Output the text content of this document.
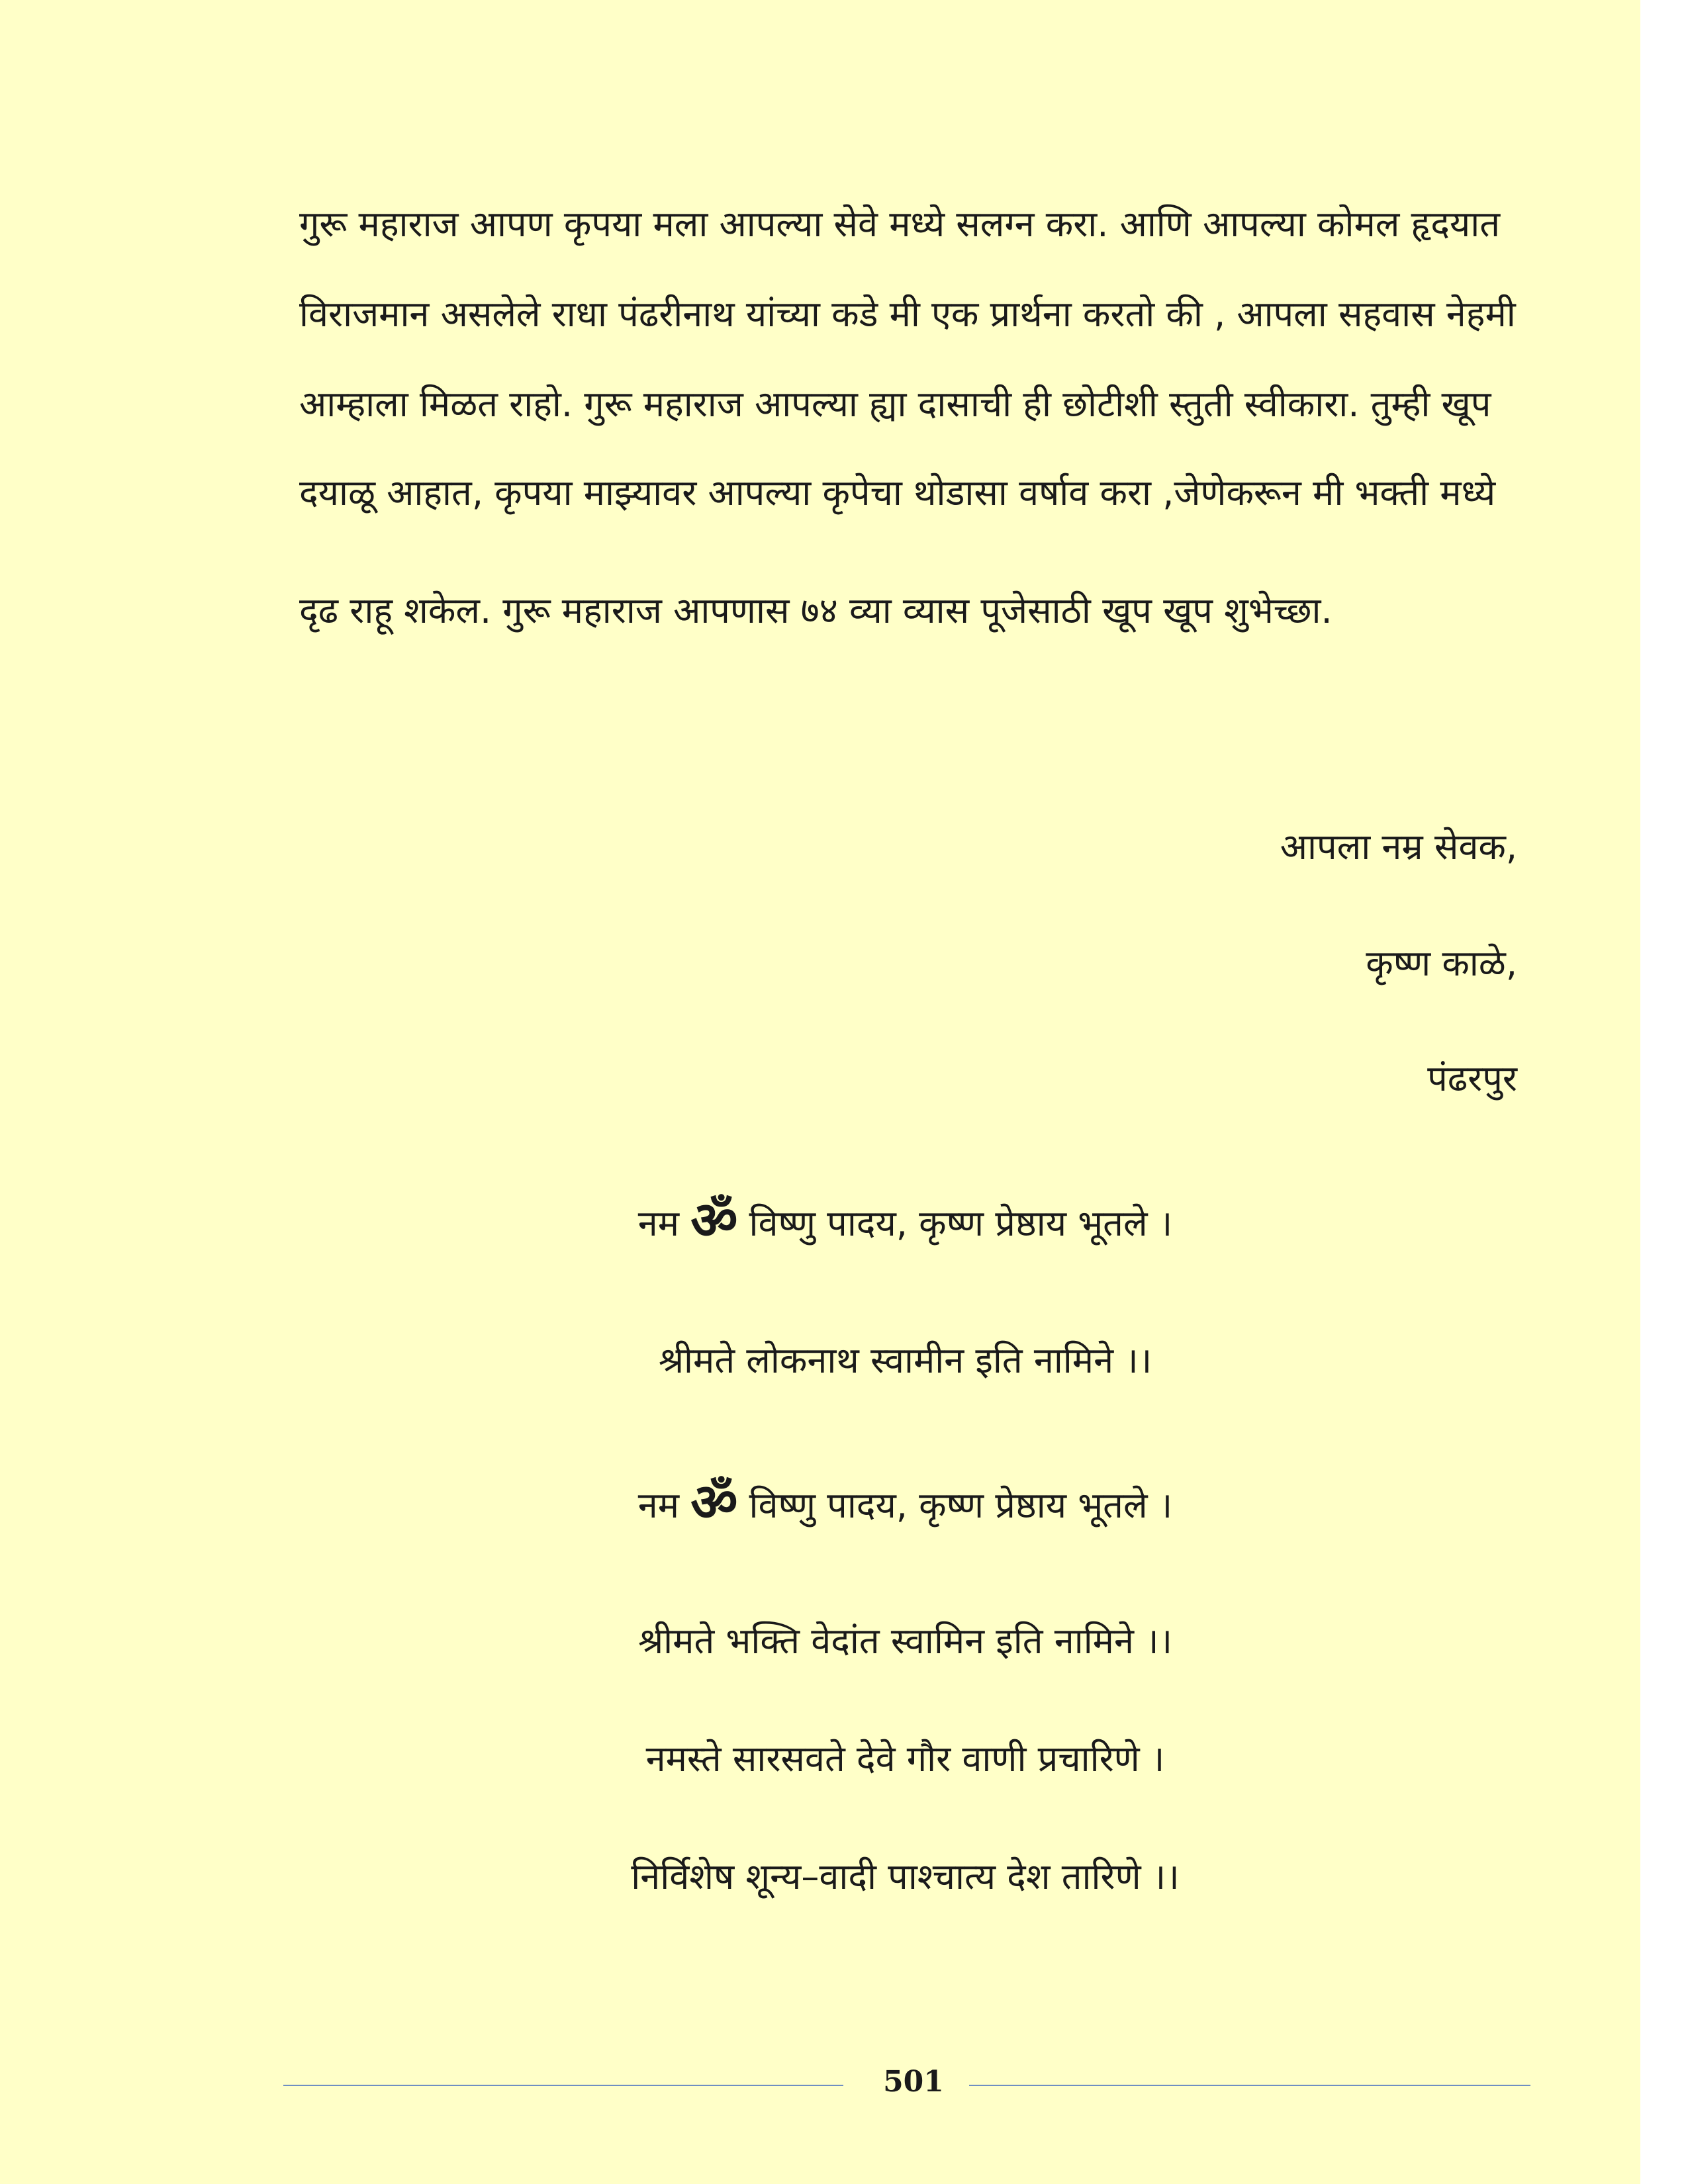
गुरू महाराज आपण कृपया मला आपल्या सेवे मध्ये सलग्न करा. आणि आपल्या कोमल हृदयात
विराजमान असलेले राधा पंढरीनाथ यांच्या कडे मी एक प्रार्थना करतो की , आपला सहवास नेहमी
आम्हाला मिळत राहो. गुरू महाराज आपल्या ह्या दासाची ही छोटीशी स्तुती स्वीकारा. तुम्ही खूप
दयाळू आहात, कृपया माझ्यावर आपल्या कृपेचा थोडासा वर्षाव करा ,जेणेकरून मी भक्ती मध्ये
दृढ राहू शकेल. गुरू महाराज आपणास ७४ व्या व्यास पूजेसाठी खूप खूप शुभेच्छा.
आपला नम्र सेवक,
कृष्ण काळे,
पंढरपुर
नम ॐ विष्णु पादय, कृष्ण प्रेष्ठाय भूतले ।
श्रीमते लोकनाथ स्वामीन इति नामिने ।।
नम ॐ विष्णु पादय, कृष्ण प्रेष्ठाय भूतले ।
श्रीमते भक्ति वेदांत स्वामिन इति नामिने ।।
नमस्ते सारसवते देवे गौर वाणी प्रचारिणे ।
निर्विशेष शून्य–वादी पाश्चात्य देश तारिणे ।।
501
